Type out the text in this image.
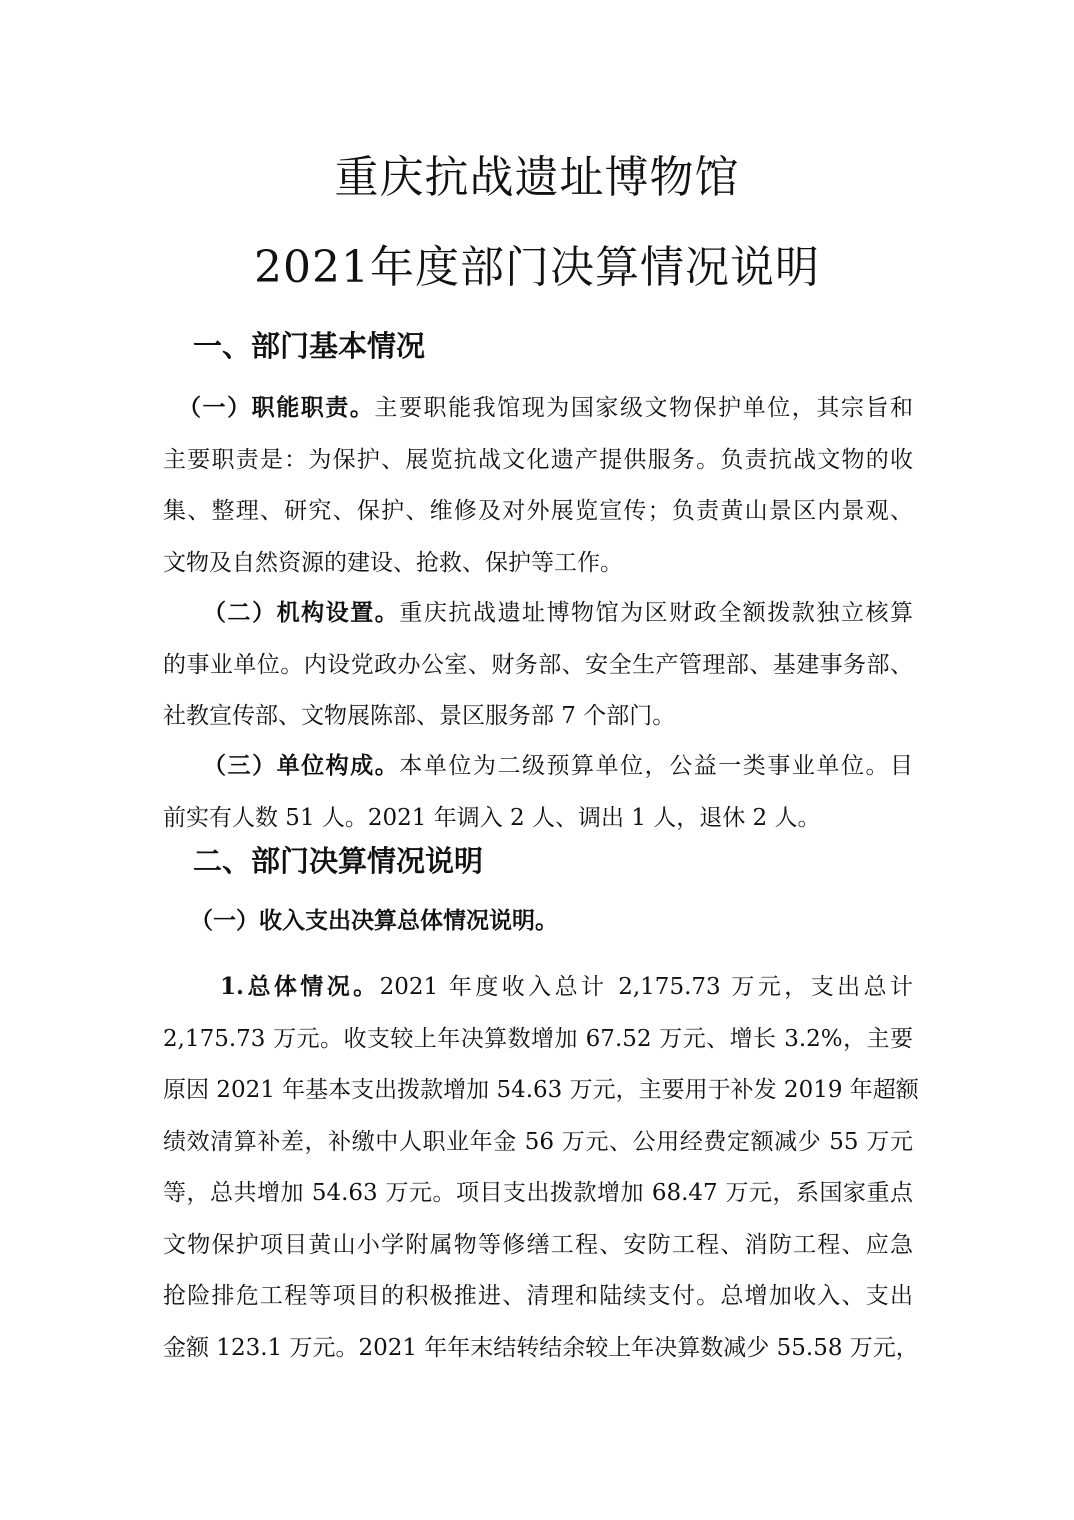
重庆抗战遗址博物馆
2021年度部门决算情况说明
一、部门基本情况
（一）职能职责。主要职能我馆现为国家级文物保护单位，其宗旨和
主要职责是：为保护、展览抗战文化遗产提供服务。负责抗战文物的收
集、整理、研究、保护、维修及对外展览宣传；负责黄山景区内景观、
文物及自然资源的建设、抢救、保护等工作。
（二）机构设置。重庆抗战遗址博物馆为区财政全额拨款独立核算
的事业单位。内设党政办公室、财务部、安全生产管理部、基建事务部、
社教宣传部、文物展陈部、景区服务部 7 个部门。
（三）单位构成。本单位为二级预算单位，公益一类事业单位。目
前实有人数 51 人。2021 年调入 2 人、调出 1 人，退休 2 人。
二、部门决算情况说明
（一）收入支出决算总体情况说明。
1.总体情况。2021 年度收入总计 2,175.73 万元，支出总计
2,175.73 万元。收支较上年决算数增加 67.52 万元、增长 3.2%，主要
原因 2021 年基本支出拨款增加 54.63 万元，主要用于补发 2019 年超额
绩效清算补差，补缴中人职业年金 56 万元、公用经费定额减少 55 万元
等，总共增加 54.63 万元。项目支出拨款增加 68.47 万元，系国家重点
文物保护项目黄山小学附属物等修缮工程、安防工程、消防工程、应急
抢险排危工程等项目的积极推进、清理和陆续支付。总增加收入、支出
金额 123.1 万元。2021 年年末结转结余较上年决算数减少 55.58 万元，
